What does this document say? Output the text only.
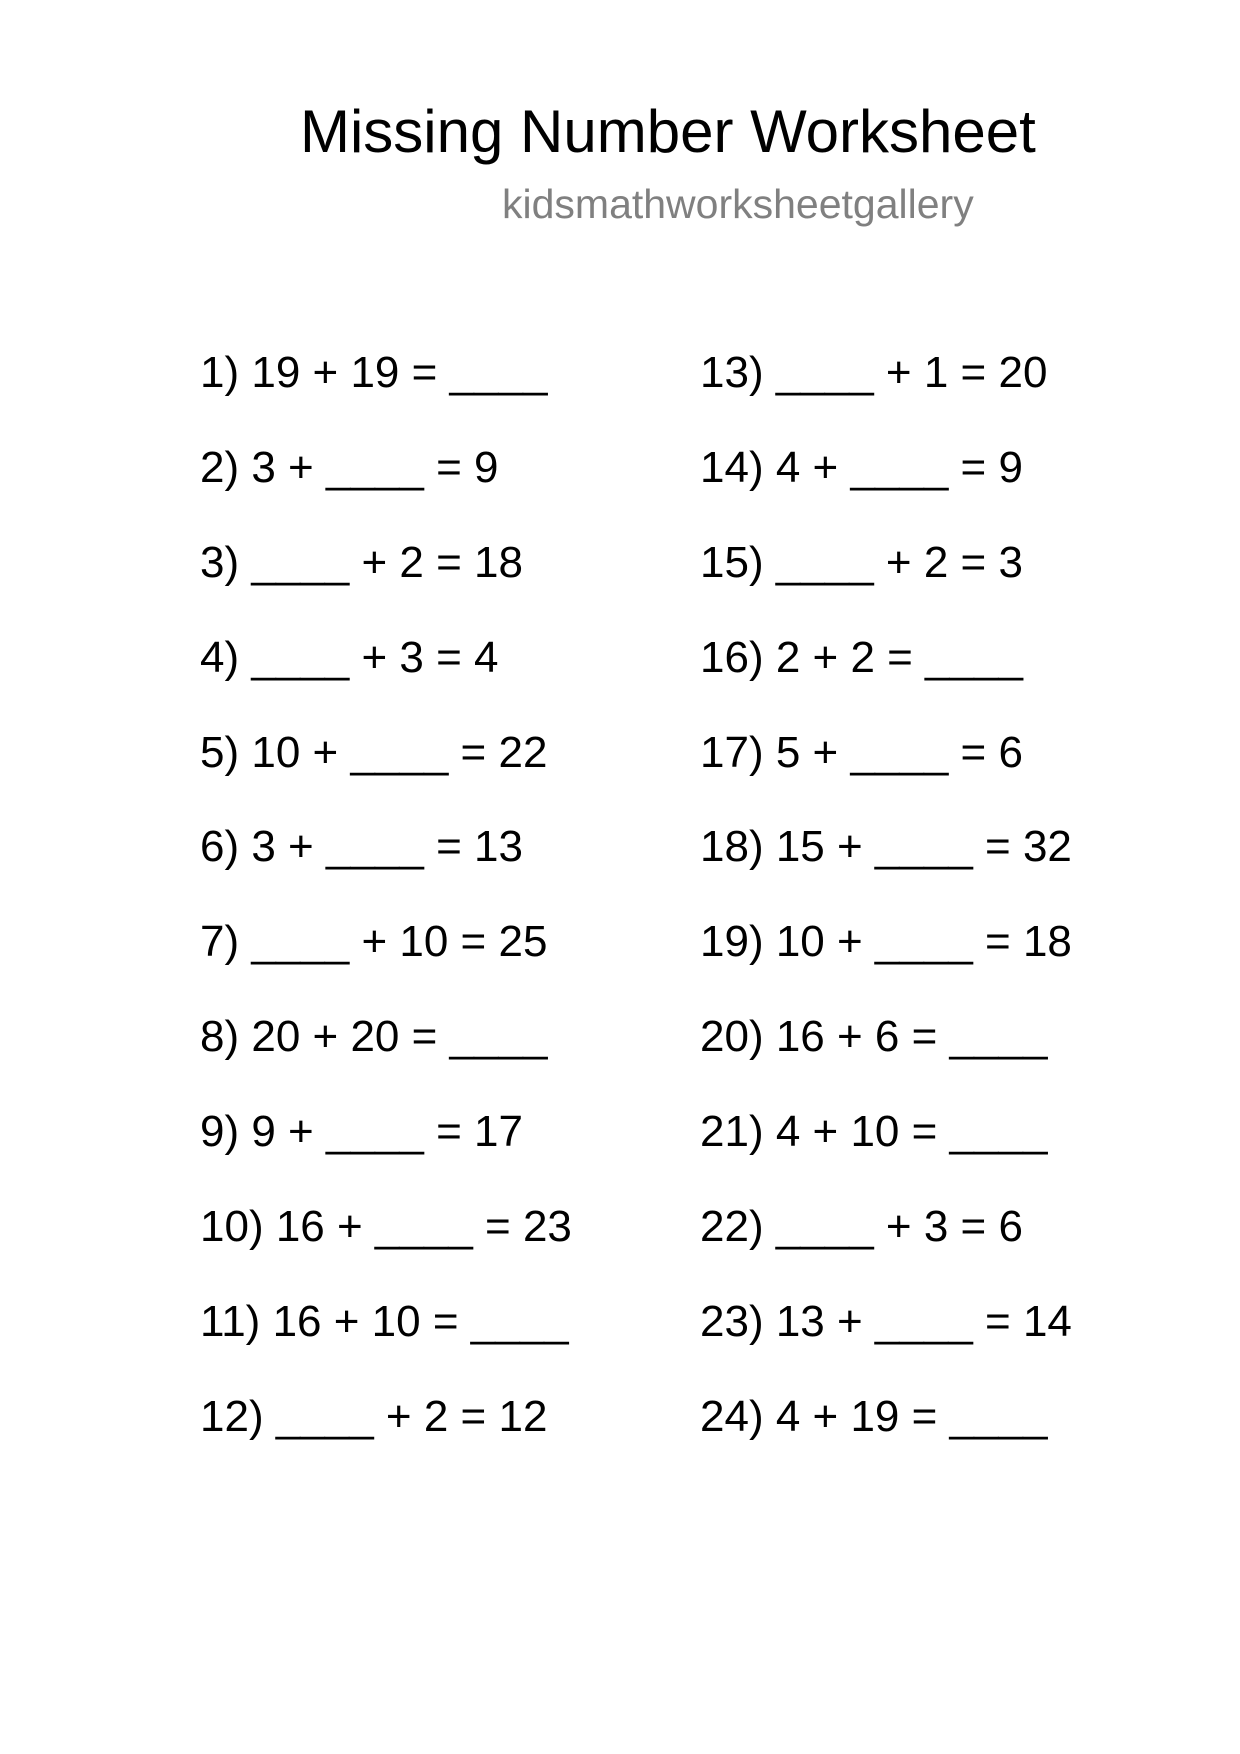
Missing Number Worksheet
kidsmathworksheetgallery
1) 19 + 19 = ____
2) 3 + ____ = 9
3) ____ + 2 = 18
4) ____ + 3 = 4
5) 10 + ____ = 22
6) 3 + ____ = 13
7) ____ + 10 = 25
8) 20 + 20 = ____
9) 9 + ____ = 17
10) 16 + ____ = 23
11) 16 + 10 = ____
12) ____ + 2 = 12
13) ____ + 1 = 20
14) 4 + ____ = 9
15) ____ + 2 = 3
16) 2 + 2 = ____
17) 5 + ____ = 6
18) 15 + ____ = 32
19) 10 + ____ = 18
20) 16 + 6 = ____
21) 4 + 10 = ____
22) ____ + 3 = 6
23) 13 + ____ = 14
24) 4 + 19 = ____
